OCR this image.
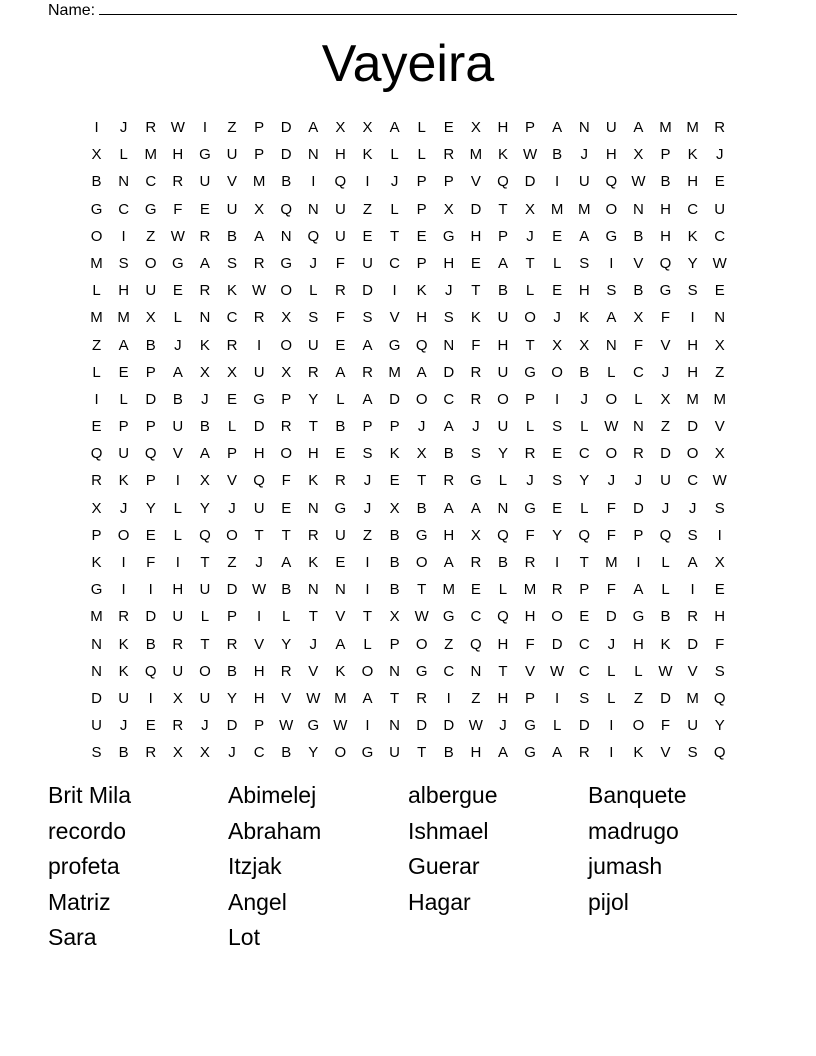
Name:
Vayeira
I	J	R W	I	Z	P	D	A	X	X	A	L	E	X	H	P	A	N	U	A	M M	R
X	L	M	H	G	U	P	D	N	H	K	L	L	R	M	K	W	B	J	H	X	P	K	J
B	N	C	R	U	V	M	B	I	Q	I	J	P	P	V	Q	D	I	U	Q W	B	H	E
G	C	G	F	E	U	X	Q	N	U	Z	L	P	X	D	T	X	M M	O	N	H	C	U
O	I	Z	W R	B	A	N	Q	U	E	T	E	G	H	P	J	E	A	G	B	H	K	C
M	S	O	G	A	S	R	G	J	F	U	C	P	H	E	A	T	L	S	I	V	Q	Y	W
L	H	U	E	R	K	W O	L	R	D	I	K	J	T	B	L	E	H	S	B	G	S	E
M M	X	L	N	C	R	X	S	F	S	V	H	S	K	U	O	J	K	A	X	F	I	N
Z	A	B	J	K	R	I	O	U	E	A	G	Q	N	F	H	T	X	X	N	F	V	H	X
L	E	P	A	X	X	U	X	R	A	R	M	A	D	R	U	G	O	B	L	C	J	H	Z
I	L	D	B	J	E	G	P	Y	L	A	D	O	C	R	O	P	I	J	O	L	X	M M
E	P	P	U	B	L	D	R	T	B	P	P	J	A	J	U	L	S	L	W N	Z	D	V
Q	U	Q	V	A	P	H	O	H	E	S	K	X	B	S	Y	R	E	C	O	R	D	O	X
R	K	P	I	X	V	Q	F	K	R	J	E	T	R	G	L	J	S	Y	J	J	U	C W
X	J	Y	L	Y	J	U	E	N	G	J	X	B	A	A	N	G	E	L	F	D	J	J	S
P	O	E	L	Q	O	T	T	R	U	Z	B	G	H	X	Q	F	Y	Q	F	P	Q	S	I
K	I	F	I	T	Z	J	A	K	E	I	B	O	A	R	B	R	I	T	M	I	L	A	X
G	I	I	H	U	D W	B	N	N	I	B	T	M	E	L	M	R	P	F	A	L	I	E
M	R	D	U	L	P	I	L	T	V	T	X	W G	C	Q	H	O	E	D	G	B	R	H
N	K	B	R	T	R	V	Y	J	A	L	P	O	Z	Q	H	F	D	C	J	H	K	D	F
N	K	Q	U	O	B	H	R	V	K	O	N	G	C	N	T	V	W C	L	L	W	V	S
D	U	I	X	U	Y	H	V	W M	A	T	R	I	Z	H	P	I	S	L	Z	D	M	Q
U	J	E	R	J	D	P	W G W	I	N	D	D W	J	G	L	D	I	O	F	U	Y
S	B	R	X	X	J	C	B	Y	O	G	U	T	B	H	A	G	A	R	I	K	V	S	Q
Brit Mila	Abimelej	albergue	Banquete
recordo	Abraham	Ishmael	madrugo
profeta	Itzjak	Guerar	jumash
Matriz	Angel	Hagar	pijol
Sara	Lot
